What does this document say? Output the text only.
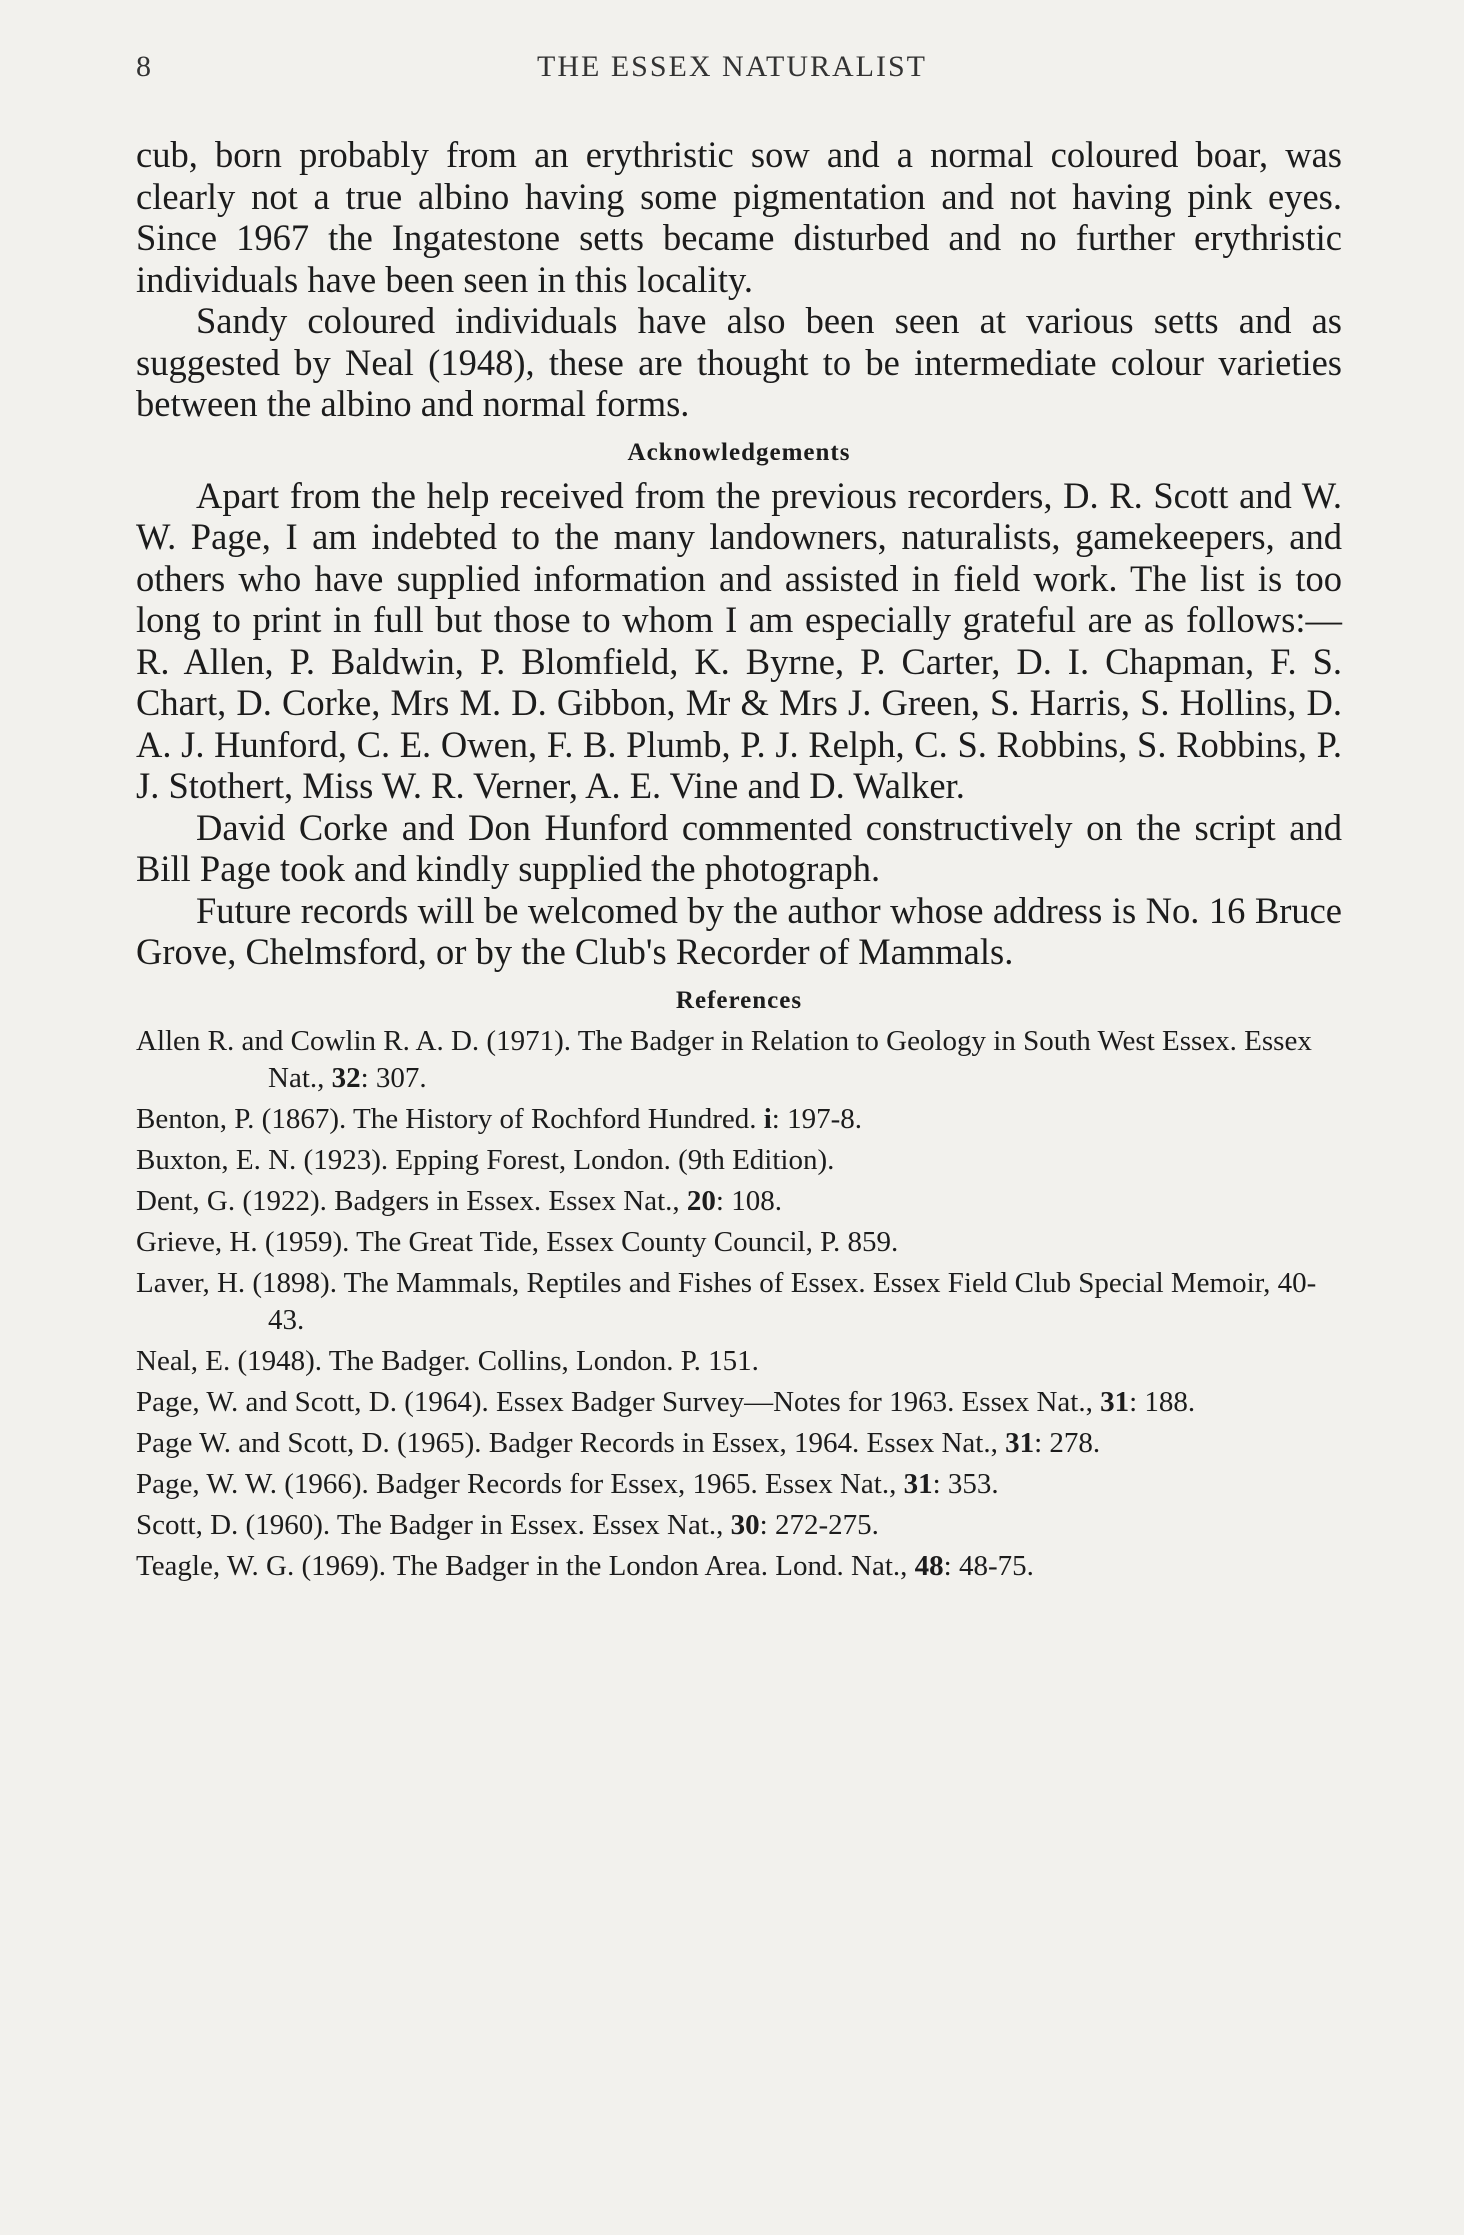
8	THE ESSEX NATURALIST

cub, born probably from an erythristic sow and a normal coloured boar, was clearly not a true albino having some pigmentation and not having pink eyes. Since 1967 the Ingatestone setts became disturbed and no further erythristic individuals have been seen in this locality.

Sandy coloured individuals have also been seen at various setts and as suggested by Neal (1948), these are thought to be intermediate colour varieties between the albino and normal forms.

Acknowledgements

Apart from the help received from the previous recorders, D. R. Scott and W. W. Page, I am indebted to the many landowners, naturalists, gamekeepers, and others who have supplied information and assisted in field work. The list is too long to print in full but those to whom I am especially grateful are as follows:— R. Allen, P. Baldwin, P. Blomfield, K. Byrne, P. Carter, D. I. Chapman, F. S. Chart, D. Corke, Mrs M. D. Gibbon, Mr & Mrs J. Green, S. Harris, S. Hollins, D. A. J. Hunford, C. E. Owen, F. B. Plumb, P. J. Relph, C. S. Robbins, S. Robbins, P. J. Stothert, Miss W. R. Verner, A. E. Vine and D. Walker.

David Corke and Don Hunford commented constructively on the script and Bill Page took and kindly supplied the photograph.

Future records will be welcomed by the author whose address is No. 16 Bruce Grove, Chelmsford, or by the Club's Recorder of Mammals.

References
Allen R. and Cowlin R. A. D. (1971). The Badger in Relation to Geology in South West Essex. Essex Nat., 32: 307.
Benton, P. (1867). The History of Rochford Hundred. i: 197-8.
Buxton, E. N. (1923). Epping Forest, London. (9th Edition).
Dent, G. (1922). Badgers in Essex. Essex Nat., 20: 108.
Grieve, H. (1959). The Great Tide, Essex County Council, P. 859.
Laver, H. (1898). The Mammals, Reptiles and Fishes of Essex. Essex Field Club Special Memoir, 40-43.
Neal, E. (1948). The Badger. Collins, London. P. 151.
Page, W. and Scott, D. (1964). Essex Badger Survey—Notes for 1963. Essex Nat., 31: 188.
Page W. and Scott, D. (1965). Badger Records in Essex, 1964. Essex Nat., 31: 278.
Page, W. W. (1966). Badger Records for Essex, 1965. Essex Nat., 31: 353.
Scott, D. (1960). The Badger in Essex. Essex Nat., 30: 272-275.
Teagle, W. G. (1969). The Badger in the London Area. Lond. Nat., 48: 48-75.
